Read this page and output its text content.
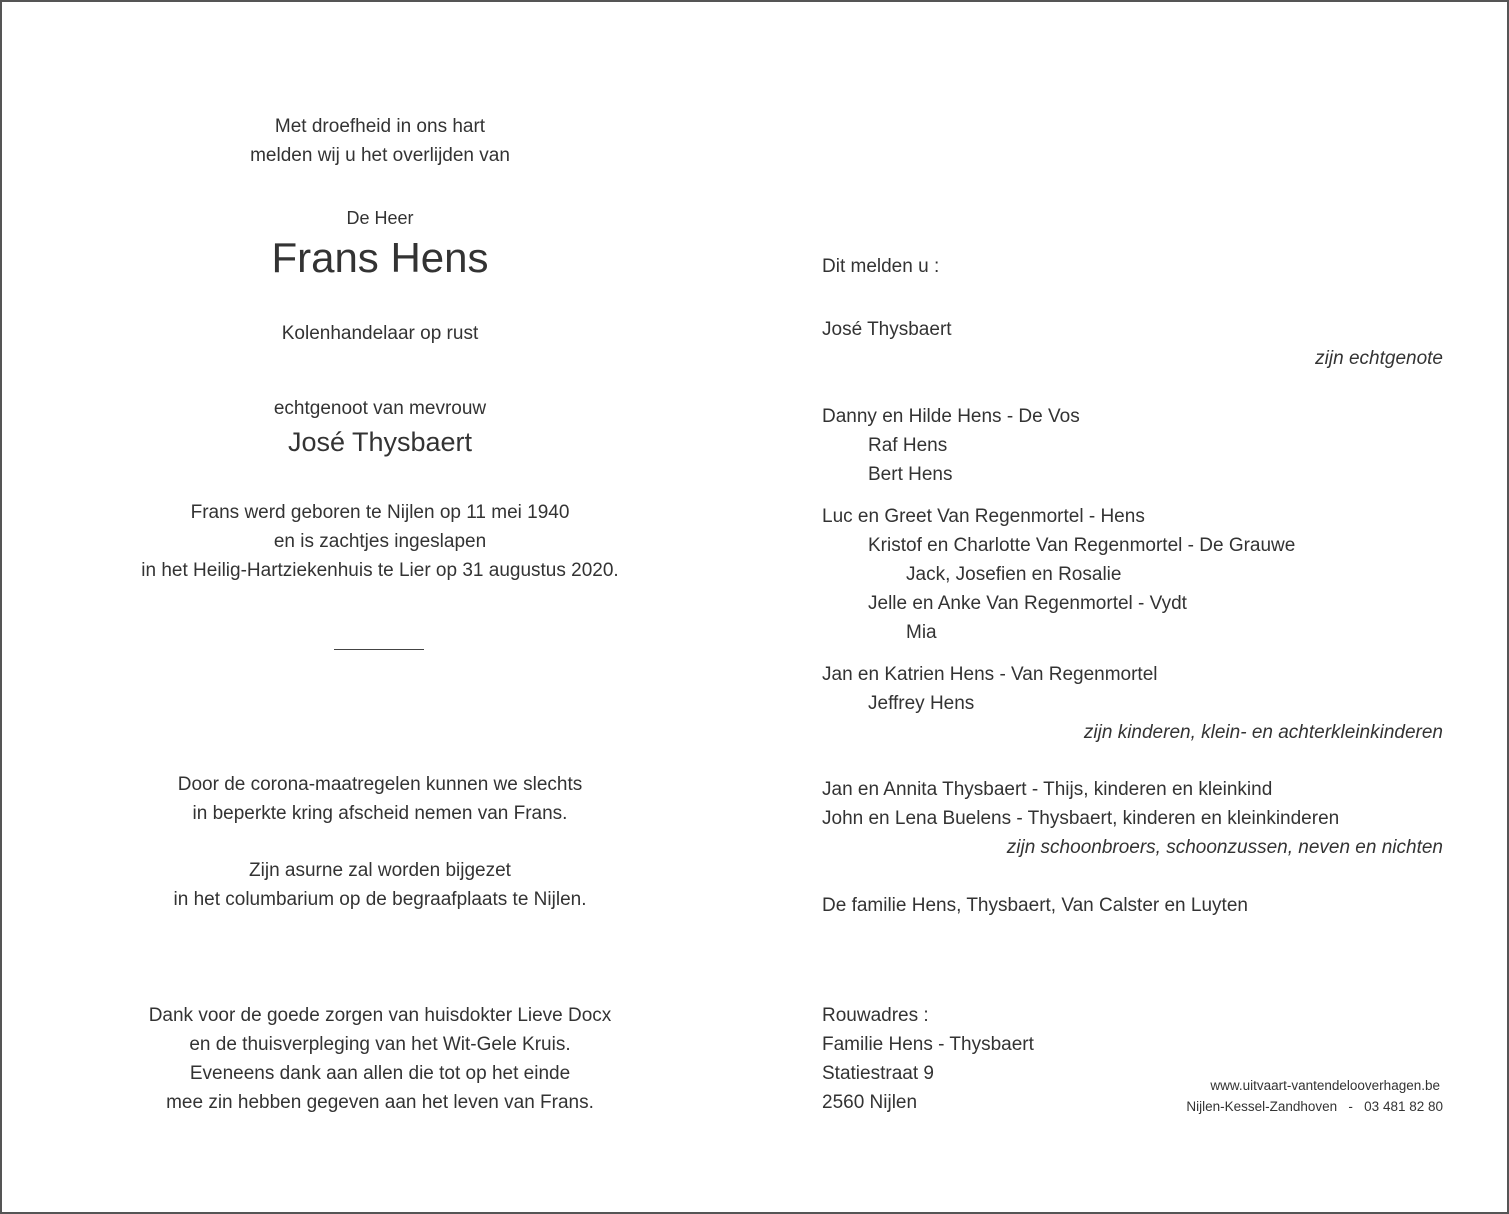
Met droefheid in ons hart
melden wij u het overlijden van
De Heer
Frans Hens
Kolenhandelaar op rust
echtgenoot van mevrouw
José Thysbaert
Frans werd geboren te Nijlen op 11 mei 1940
en is zachtjes ingeslapen
in het Heilig-Hartziekenhuis te Lier op 31 augustus 2020.
Door de corona-maatregelen kunnen we slechts
in beperkte kring afscheid nemen van Frans.
Zijn asurne zal worden bijgezet
in het columbarium op de begraafplaats te Nijlen.
Dank voor de goede zorgen van huisdokter Lieve Docx
en de thuisverpleging van het Wit-Gele Kruis.
Eveneens dank aan allen die tot op het einde
mee zin hebben gegeven aan het leven van Frans.
Dit melden u :
José Thysbaert
zijn echtgenote
Danny en Hilde Hens - De Vos
Raf Hens
Bert Hens
Luc en Greet Van Regenmortel - Hens
Kristof en Charlotte Van Regenmortel - De Grauwe
Jack, Josefien en Rosalie
Jelle en Anke Van Regenmortel - Vydt
Mia
Jan en Katrien Hens - Van Regenmortel
Jeffrey Hens
zijn kinderen, klein- en achterkleinkinderen
Jan en Annita Thysbaert - Thijs, kinderen en kleinkind
John en Lena Buelens - Thysbaert, kinderen en kleinkinderen
zijn schoonbroers, schoonzussen, neven en nichten
De familie Hens, Thysbaert, Van Calster en Luyten
Rouwadres :
Familie Hens - Thysbaert
Statiestraat 9
2560 Nijlen
www.uitvaart-vantendelooverhagen.be
Nijlen-Kessel-Zandhoven   -   03 481 82 80
